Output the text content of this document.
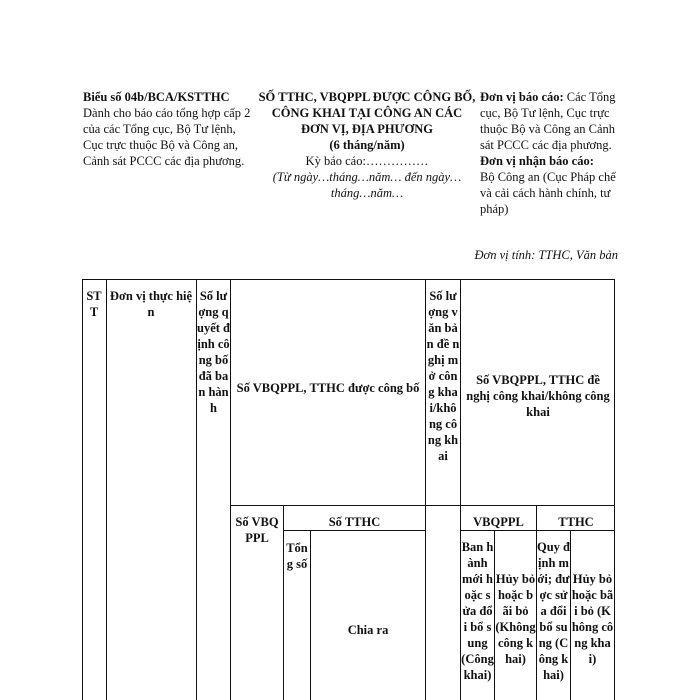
Biểu số 04b/BCA/KSTTHC
Dành cho báo cáo tổng hợp cấp 2 của các Tổng cục, Bộ Tư lệnh, Cục trực thuộc Bộ và Công an, Cảnh sát PCCC các địa phương.
SỐ TTHC, VBQPPL ĐƯỢC CÔNG BỐ, CÔNG KHAI TẠI CÔNG AN CÁC ĐƠN VỊ, ĐỊA PHƯƠNG
(6 tháng/năm)
Kỳ báo cáo:……………
(Từ ngày…tháng…năm… đến ngày… tháng…năm…
Đơn vị báo cáo: Các Tổng cục, Bộ Tư lệnh, Cục trực thuộc Bộ và Công an Cảnh sát PCCC các địa phương.
Đơn vị nhận báo cáo:
Bộ Công an (Cục Pháp chế và cải cách hành chính, tư pháp)
Đơn vị tính: TTHC, Văn bản
STT
Đơn vị thực hiện
Số lượng quyết định công bố đã ban hành
Số VBQPPL, TTHC được công bố
Số lượng văn bản đề nghị mở công khai/không công khai
Số VBQPPL, TTHC đề nghị công khai/không công khai
Số VBQPPL
Số TTHC	VBQPPL	TTHC
Tổng số
Chia ra
Ban hành mới hoặc sửa đổi bổ sung (Công khai)
Hủy bỏ hoặc bãi bỏ (Không công khai)
Quy định mới; được sửa đổi bổ sung (Công khai)
Hủy bỏ hoặc bãi bỏ (Không công khai)
